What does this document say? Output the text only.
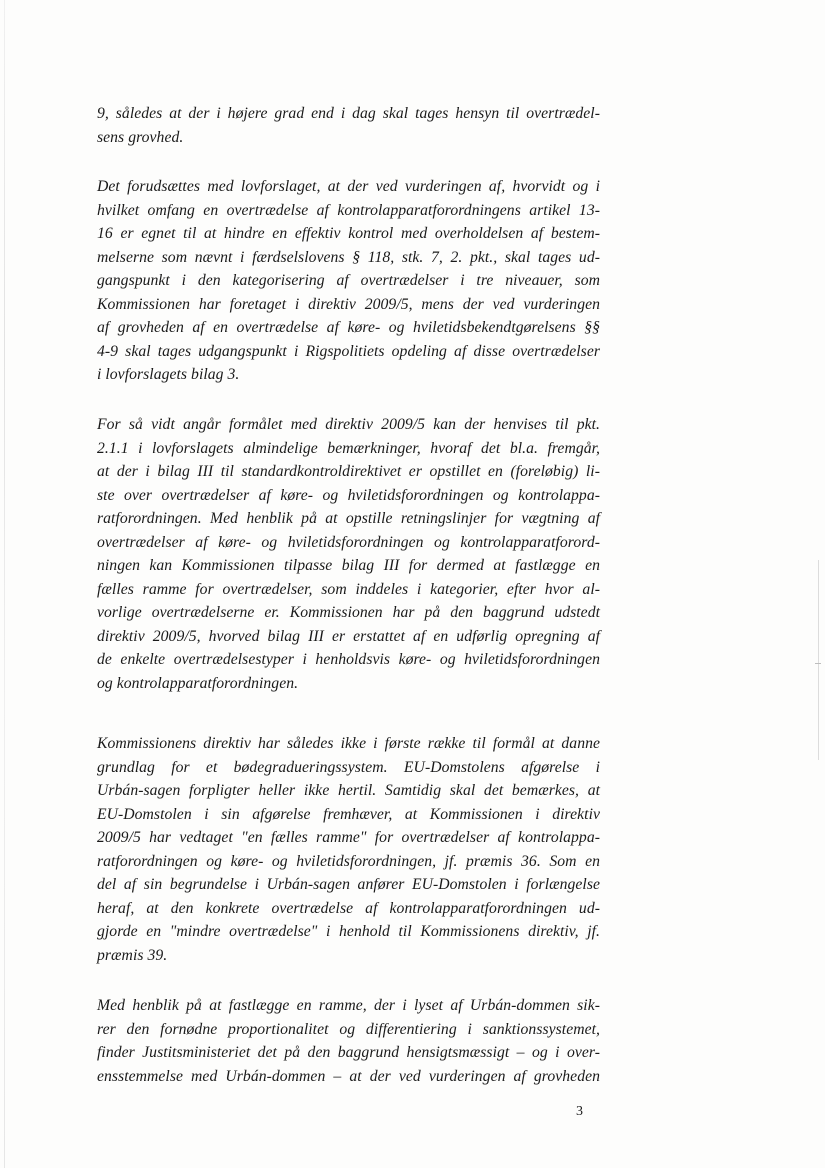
9, således at der i højere grad end i dag skal tages hensyn til overtrædel-
sens grovhed.
Det forudsættes med lovforslaget, at der ved vurderingen af, hvorvidt og i
hvilket omfang en overtrædelse af kontrolapparatforordningens artikel 13-
16 er egnet til at hindre en effektiv kontrol med overholdelsen af bestem-
melserne som nævnt i færdselslovens § 118, stk. 7, 2. pkt., skal tages ud-
gangspunkt i den kategorisering af overtrædelser i tre niveauer, som
Kommissionen har foretaget i direktiv 2009/5, mens der ved vurderingen
af grovheden af en overtrædelse af køre- og hviletidsbekendtgørelsens §§
4-9 skal tages udgangspunkt i Rigspolitiets opdeling af disse overtrædelser
i lovforslagets bilag 3.
For så vidt angår formålet med direktiv 2009/5 kan der henvises til pkt.
2.1.1 i lovforslagets almindelige bemærkninger, hvoraf det bl.a. fremgår,
at der i bilag III til standardkontroldirektivet er opstillet en (foreløbig) li-
ste over overtrædelser af køre- og hviletidsforordningen og kontrolappa-
ratforordningen. Med henblik på at opstille retningslinjer for vægtning af
overtrædelser af køre- og hviletidsforordningen og kontrolapparatforord-
ningen kan Kommissionen tilpasse bilag III for dermed at fastlægge en
fælles ramme for overtrædelser, som inddeles i kategorier, efter hvor al-
vorlige overtrædelserne er. Kommissionen har på den baggrund udstedt
direktiv 2009/5, hvorved bilag III er erstattet af en udførlig opregning af
de enkelte overtrædelsestyper i henholdsvis køre- og hviletidsforordningen
og kontrolapparatforordningen.
Kommissionens direktiv har således ikke i første række til formål at danne
grundlag for et bødegradueringssystem. EU-Domstolens afgørelse i
Urbán-sagen forpligter heller ikke hertil. Samtidig skal det bemærkes, at
EU-Domstolen i sin afgørelse fremhæver, at Kommissionen i direktiv
2009/5 har vedtaget "en fælles ramme" for overtrædelser af kontrolappa-
ratforordningen og køre- og hviletidsforordningen, jf. præmis 36. Som en
del af sin begrundelse i Urbán-sagen anfører EU-Domstolen i forlængelse
heraf, at den konkrete overtrædelse af kontrolapparatforordningen ud-
gjorde en "mindre overtrædelse" i henhold til Kommissionens direktiv, jf.
præmis 39.
Med henblik på at fastlægge en ramme, der i lyset af Urbán-dommen sik-
rer den fornødne proportionalitet og differentiering i sanktionssystemet,
finder Justitsministeriet det på den baggrund hensigtsmæssigt – og i over-
ensstemmelse med Urbán-dommen – at der ved vurderingen af grovheden
3
